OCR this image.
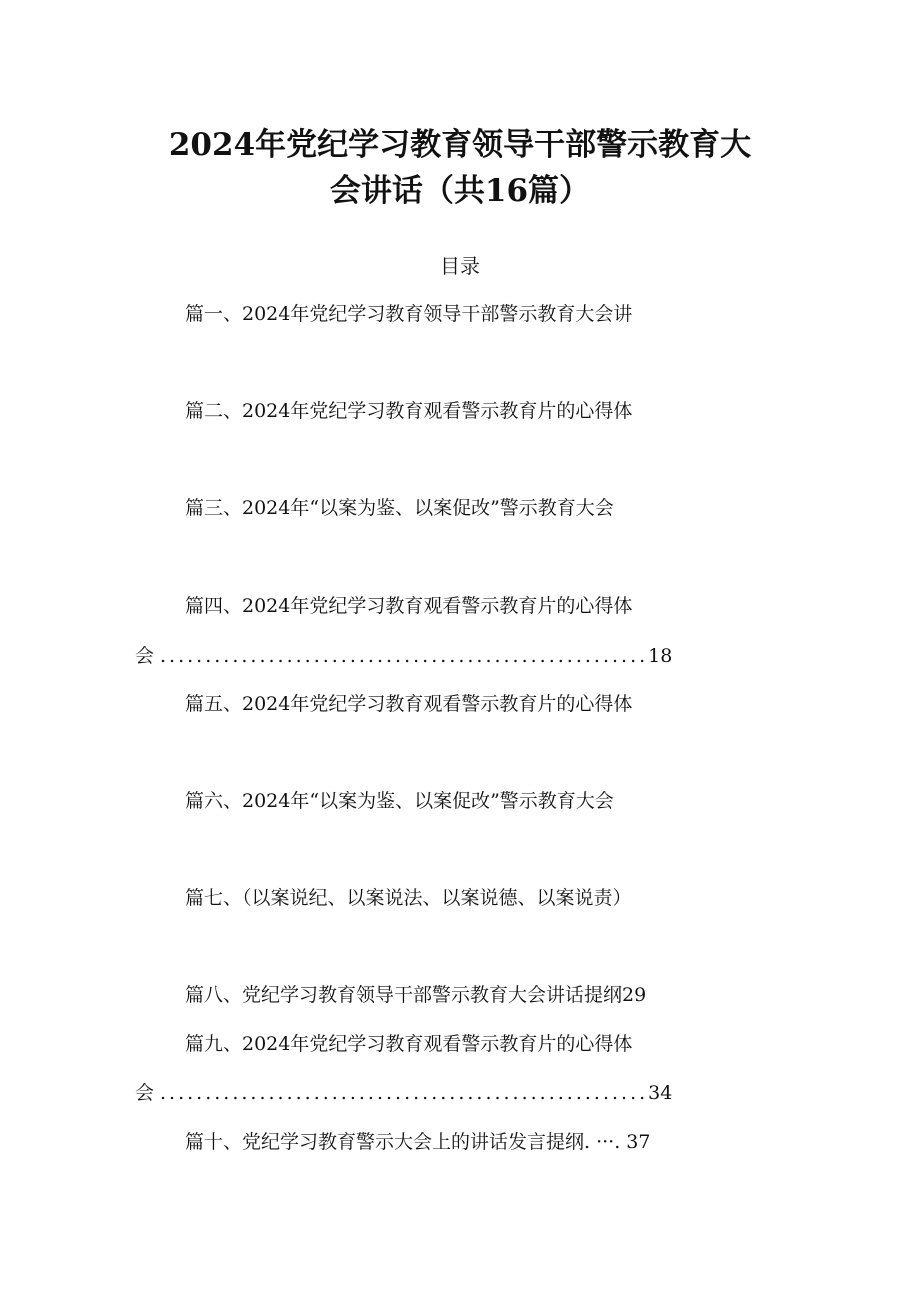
2024年党纪学习教育领导干部警示教育大
会讲话（共16篇）
目录
篇一、2024年党纪学习教育领导干部警示教育大会讲
篇二、2024年党纪学习教育观看警示教育片的心得体
篇三、2024年“以案为鉴、以案促改”警示教育大会
篇四、2024年党纪学习教育观看警示教育片的心得体
会 ......................................................18
篇五、2024年党纪学习教育观看警示教育片的心得体
篇六、2024年“以案为鉴、以案促改”警示教育大会
篇七、（以案说纪、以案说法、以案说德、以案说责）
篇八、党纪学习教育领导干部警示教育大会讲话提纲29
篇九、2024年党纪学习教育观看警示教育片的心得体
会 ......................................................34
篇十、党纪学习教育警示大会上的讲话发言提纲. ···. 37
